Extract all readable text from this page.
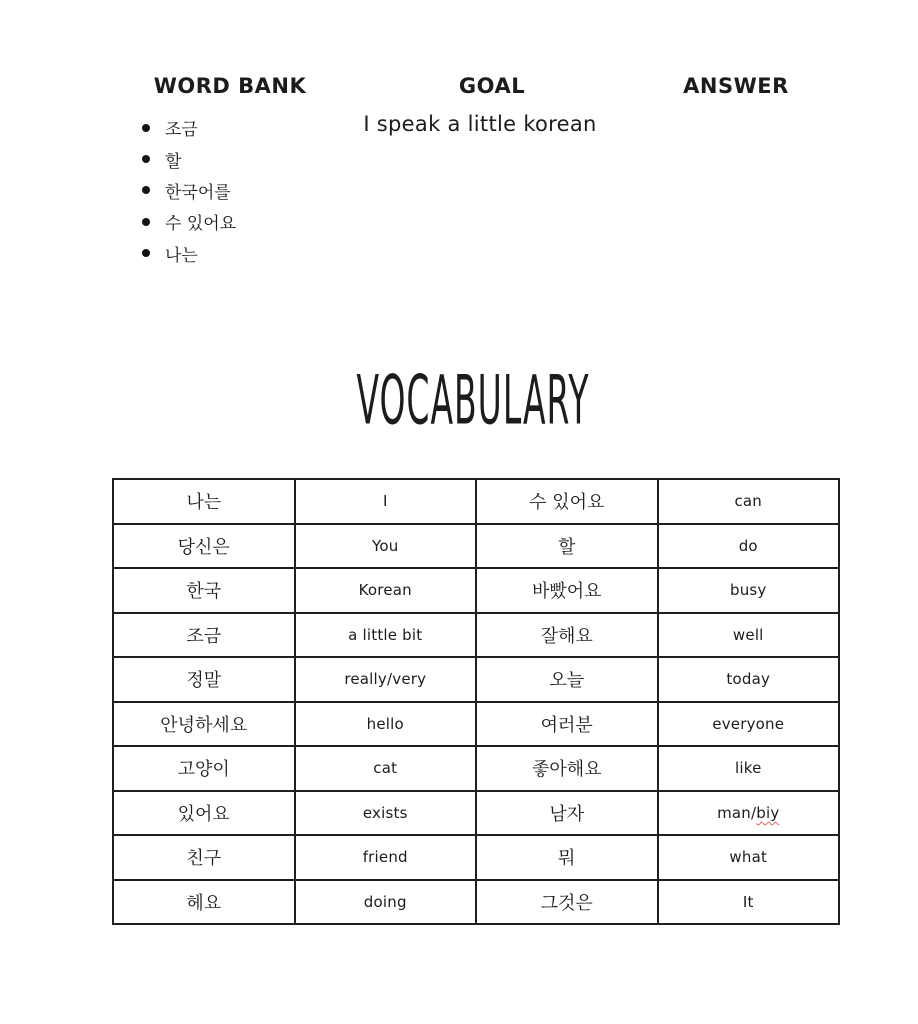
WORD BANK	GOAL	ANSWER
조금
할
한국어를
수 있어요
나는
I speak a little korean
VOCABULARY
나는	I	수 있어요	can
당신은	You	할	do
한국	Korean	바빴어요	busy
조금	a little bit	잘해요	well
정말	really/very	오늘	today
안녕하세요	hello	여러분	everyone
고양이	cat	좋아해요	like
있어요	exists	남자	man/biy
친구	friend	뭐	what
헤요	doing	그것은	It
